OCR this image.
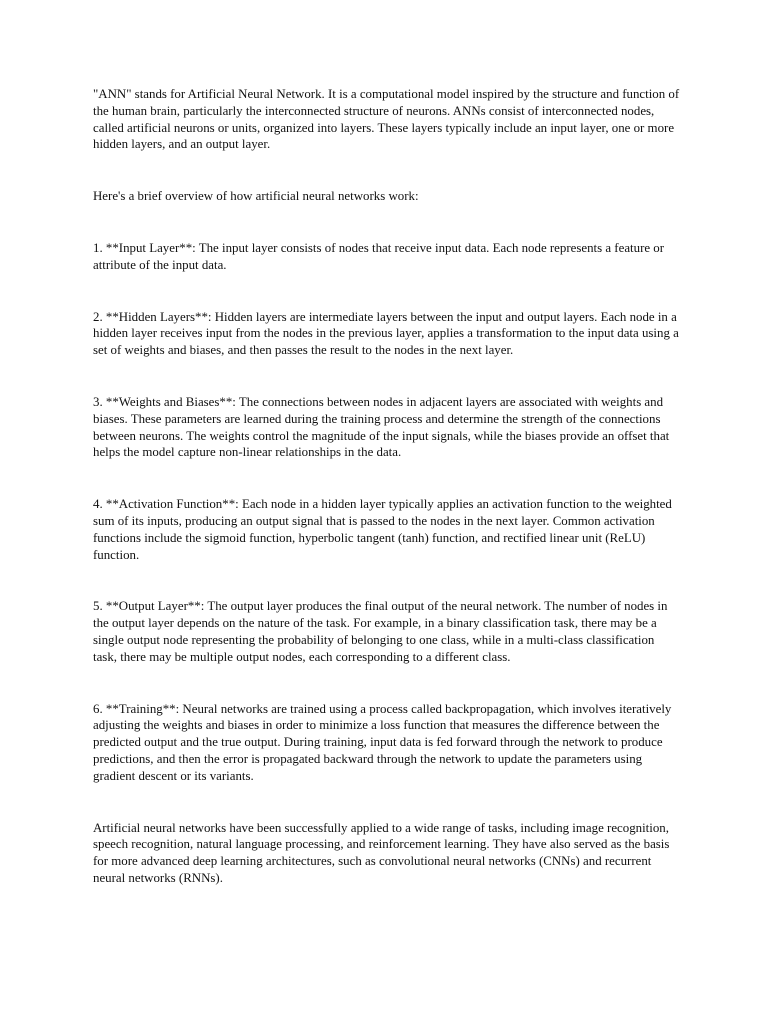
"ANN" stands for Artificial Neural Network. It is a computational model inspired by the structure and function of the human brain, particularly the interconnected structure of neurons. ANNs consist of interconnected nodes, called artificial neurons or units, organized into layers. These layers typically include an input layer, one or more hidden layers, and an output layer.

Here's a brief overview of how artificial neural networks work:

1. **Input Layer**: The input layer consists of nodes that receive input data. Each node represents a feature or attribute of the input data.

2. **Hidden Layers**: Hidden layers are intermediate layers between the input and output layers. Each node in a hidden layer receives input from the nodes in the previous layer, applies a transformation to the input data using a set of weights and biases, and then passes the result to the nodes in the next layer.

3. **Weights and Biases**: The connections between nodes in adjacent layers are associated with weights and biases. These parameters are learned during the training process and determine the strength of the connections between neurons. The weights control the magnitude of the input signals, while the biases provide an offset that helps the model capture non-linear relationships in the data.

4. **Activation Function**: Each node in a hidden layer typically applies an activation function to the weighted sum of its inputs, producing an output signal that is passed to the nodes in the next layer. Common activation functions include the sigmoid function, hyperbolic tangent (tanh) function, and rectified linear unit (ReLU) function.

5. **Output Layer**: The output layer produces the final output of the neural network. The number of nodes in the output layer depends on the nature of the task. For example, in a binary classification task, there may be a single output node representing the probability of belonging to one class, while in a multi-class classification task, there may be multiple output nodes, each corresponding to a different class.

6. **Training**: Neural networks are trained using a process called backpropagation, which involves iteratively adjusting the weights and biases in order to minimize a loss function that measures the difference between the predicted output and the true output. During training, input data is fed forward through the network to produce predictions, and then the error is propagated backward through the network to update the parameters using gradient descent or its variants.

Artificial neural networks have been successfully applied to a wide range of tasks, including image recognition, speech recognition, natural language processing, and reinforcement learning. They have also served as the basis for more advanced deep learning architectures, such as convolutional neural networks (CNNs) and recurrent neural networks (RNNs).
